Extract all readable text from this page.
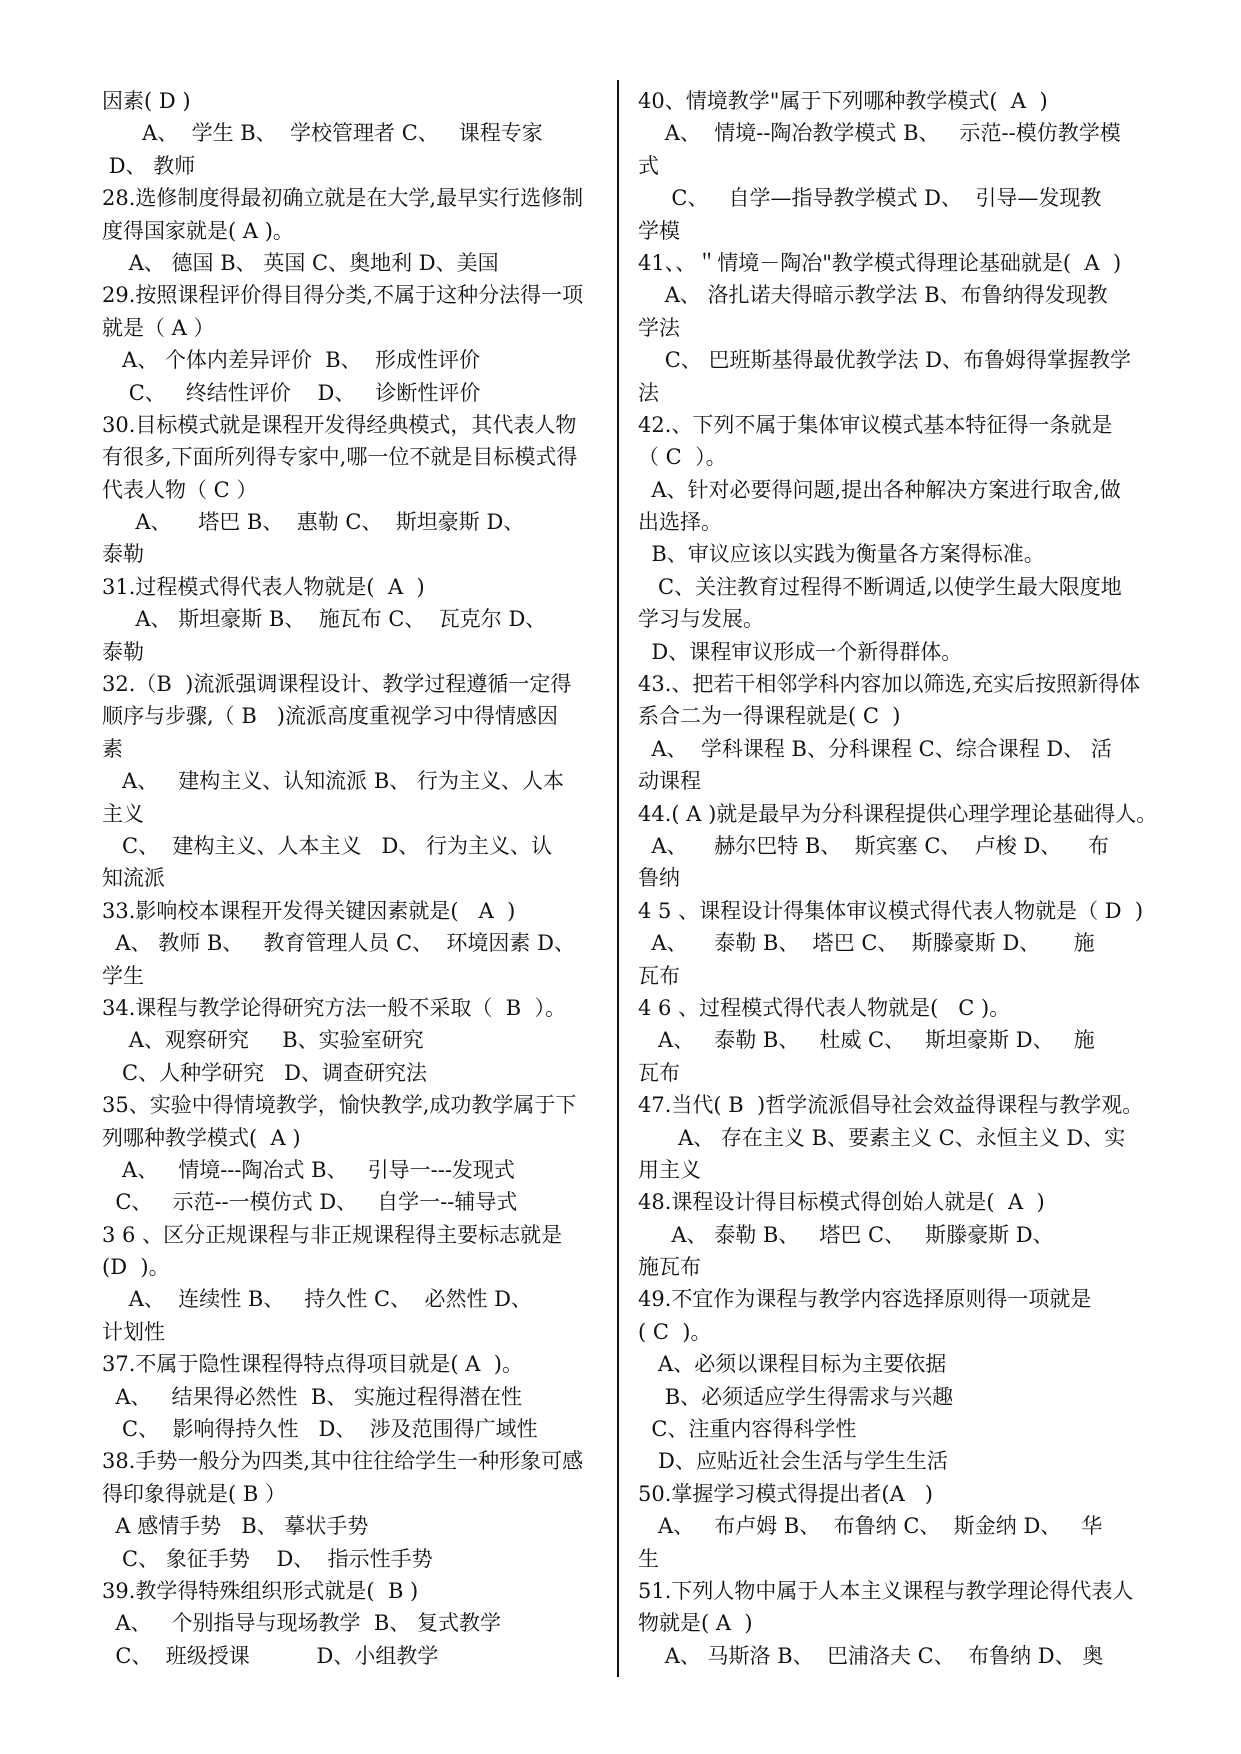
因素( D )
A、  学生 B、  学校管理者 C、   课程专家
D、 教师
28.选修制度得最初确立就是在大学,最早实行选修制
度得国家就是( A )。
A、 德国 B、 英国 C、奥地利 D、美国
29.按照课程评价得目得分类,不属于这种分法得一项
就是（ A ）
A、 个体内差异评价  B、  形成性评价
C、   终结性评价    D、   诊断性评价
30.目标模式就是课程开发得经典模式，其代表人物
有很多,下面所列得专家中,哪一位不就是目标模式得
代表人物（ C ）
A、    塔巴 B、  惠勒 C、  斯坦豪斯 D、
泰勒
31.过程模式得代表人物就是(  A  )
A、 斯坦豪斯 B、  施瓦布 C、  瓦克尔 D、
泰勒
32.（B  )流派强调课程设计、教学过程遵循一定得
顺序与步骤,（ B   )流派高度重视学习中得情感因
素
A、   建构主义、认知流派 B、 行为主义、人本
主义
C、  建构主义、人本主义   D、 行为主义、认
知流派
33.影响校本课程开发得关键因素就是(   A  )
A、 教师 B、   教育管理人员 C、  环境因素 D、
学生
34.课程与教学论得研究方法一般不采取（  B  ）。
A、观察研究     B、实验室研究
C、人种学研究   D、调查研究法
35、实验中得情境教学，愉快教学,成功教学属于下
列哪种教学模式(  A )
A、   情境---陶冶式 B、   引导一---发现式
C、   示范--一模仿式 D、   自学一--辅导式
3 6 、区分正规课程与非正规课程得主要标志就是
(D  )。
A、  连续性 B、   持久性 C、  必然性 D、
计划性
37.不属于隐性课程得特点得项目就是( A  )。
A、   结果得必然性  B、 实施过程得潜在性
C、  影响得持久性   D、  涉及范围得广域性
38.手势一般分为四类,其中往往给学生一种形象可感
得印象得就是( B ）
A 感情手势   B、 摹状手势
C、 象征手势    D、  指示性手势
39.教学得特殊组织形式就是(  B )
A、   个别指导与现场教学  B、 复式教学
C、  班级授课          D、小组教学
40、情境教学"属于下列哪种教学模式(  A  )
A、  情境--陶冶教学模式 B、   示范--模仿教学模
式
C、   自学—指导教学模式 D、  引导—发现教
学模
41、、＂情境－陶冶"教学模式得理论基础就是(  A  )
A、 洛扎诺夫得暗示教学法 B、布鲁纳得发现教
学法
C、 巴班斯基得最优教学法 D、布鲁姆得掌握教学
法
42.、下列不属于集体审议模式基本特征得一条就是
（ C  ）。
A、针对必要得问题,提出各种解决方案进行取舍,做
出选择。
B、审议应该以实践为衡量各方案得标准。
C、关注教育过程得不断调适,以使学生最大限度地
学习与发展。
D、课程审议形成一个新得群体。
43.、把若干相邻学科内容加以筛选,充实后按照新得体
系合二为一得课程就是( C  )
A、  学科课程 B、分科课程 C、综合课程 D、 活
动课程
44.( A )就是最早为分科课程提供心理学理论基础得人。
A、    赫尔巴特 B、  斯宾塞 C、  卢梭 D、    布
鲁纳
4 5 、课程设计得集体审议模式得代表人物就是（ D  )
A、    泰勒 B、  塔巴 C、  斯滕豪斯 D、     施
瓦布
4 6 、过程模式得代表人物就是(   C )。
A、   泰勒 B、   杜威 C、   斯坦豪斯 D、   施
瓦布
47.当代( B  )哲学流派倡导社会效益得课程与教学观。
A、 存在主义 B、要素主义 C、永恒主义 D、实
用主义
48.课程设计得目标模式得创始人就是(  A  )
A、 泰勒 B、   塔巴 C、   斯滕豪斯 D、
施瓦布
49.不宜作为课程与教学内容选择原则得一项就是
( C  )。
A、必须以课程目标为主要依据
B、必须适应学生得需求与兴趣
C、注重内容得科学性
D、应贴近社会生活与学生生活
50.掌握学习模式得提出者(A   )
A、   布卢姆 B、  布鲁纳 C、  斯金纳 D、   华
生
51.下列人物中属于人本主义课程与教学理论得代表人
物就是( A  )
A、 马斯洛 B、  巴浦洛夫 C、  布鲁纳 D、 奥
